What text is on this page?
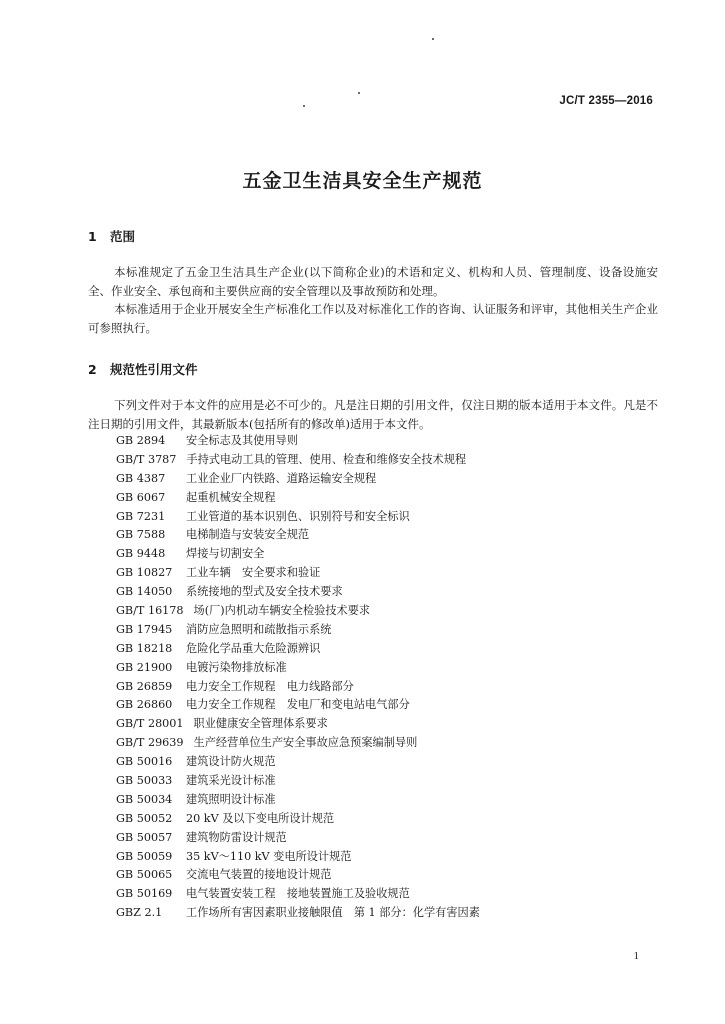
JC/T 2355—2016
五金卫生洁具安全生产规范
1 范围
本标准规定了五金卫生洁具生产企业(以下简称企业)的术语和定义、机构和人员、管理制度、设备设施安全、作业安全、承包商和主要供应商的安全管理以及事故预防和处理。
本标准适用于企业开展安全生产标准化工作以及对标准化工作的咨询、认证服务和评审，其他相关生产企业可参照执行。
2 规范性引用文件
下列文件对于本文件的应用是必不可少的。凡是注日期的引用文件，仅注日期的版本适用于本文件。凡是不注日期的引用文件，其最新版本(包括所有的修改单)适用于本文件。
GB 2894 安全标志及其使用导则
GB/T 3787 手持式电动工具的管理、使用、检查和维修安全技术规程
GB 4387 工业企业厂内铁路、道路运输安全规程
GB 6067 起重机械安全规程
GB 7231 工业管道的基本识别色、识别符号和安全标识
GB 7588 电梯制造与安装安全规范
GB 9448 焊接与切割安全
GB 10827 工业车辆　安全要求和验证
GB 14050 系统接地的型式及安全技术要求
GB/T 16178 场(厂)内机动车辆安全检验技术要求
GB 17945 消防应急照明和疏散指示系统
GB 18218 危险化学品重大危险源辨识
GB 21900 电镀污染物排放标准
GB 26859 电力安全工作规程　电力线路部分
GB 26860 电力安全工作规程　发电厂和变电站电气部分
GB/T 28001 职业健康安全管理体系要求
GB/T 29639 生产经营单位生产安全事故应急预案编制导则
GB 50016 建筑设计防火规范
GB 50033 建筑采光设计标准
GB 50034 建筑照明设计标准
GB 50052 20 kV 及以下变电所设计规范
GB 50057 建筑物防雷设计规范
GB 50059 35 kV～110 kV 变电所设计规范
GB 50065 交流电气装置的接地设计规范
GB 50169 电气装置安装工程　接地装置施工及验收规范
GBZ 2.1 工作场所有害因素职业接触限值　第 1 部分：化学有害因素
1
